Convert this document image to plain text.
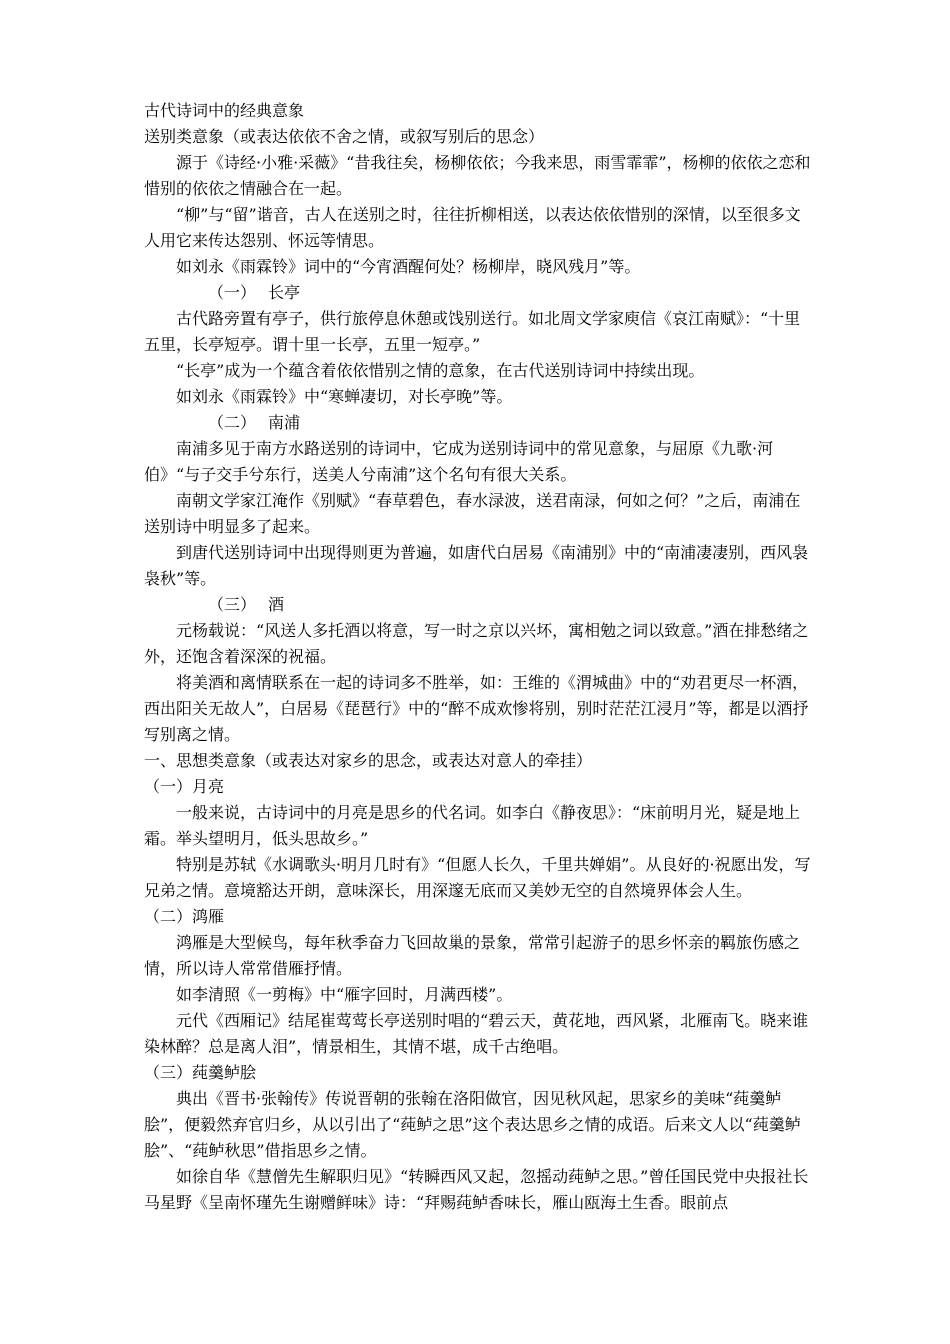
古代诗词中的经典意象

送别类意象（或表达依依不舍之情，或叙写别后的思念）

源于《诗经·小雅·采薇》“昔我往矣，杨柳依依；今我来思，雨雪霏霏”，杨柳的依依之恋和惜别的依依之情融合在一起。

“柳”与“留”谐音，古人在送别之时，往往折柳相送，以表达依依惜别的深情，以至很多文人用它来传达怨别、怀远等情思。

如刘永《雨霖铃》词中的“今宵酒醒何处？杨柳岸，晓风残月”等。

（一） 长亭

古代路旁置有亭子，供行旅停息休憩或饯别送行。如北周文学家庾信《哀江南赋》：“十里五里，长亭短亭。谓十里一长亭，五里一短亭。”

“长亭”成为一个蕴含着依依惜别之情的意象，在古代送别诗词中持续出现。

如刘永《雨霖铃》中“寒蝉凄切，对长亭晚”等。

（二） 南浦

南浦多见于南方水路送别的诗词中，它成为送别诗词中的常见意象，与屈原《九歌·河伯》“与子交手兮东行，送美人兮南浦”这个名句有很大关系。

南朝文学家江淹作《别赋》“春草碧色，春水渌波，送君南渌，何如之何？”之后，南浦在送别诗中明显多了起来。

到唐代送别诗词中出现得则更为普遍，如唐代白居易《南浦别》中的“南浦凄凄别，西风袅袅秋”等。

（三） 酒

元杨载说：“风送人多托酒以将意，写一时之京以兴坏，寓相勉之词以致意。”酒在排愁绪之外，还饱含着深深的祝福。

将美酒和离情联系在一起的诗词多不胜举，如：王维的《渭城曲》中的“劝君更尽一杯酒，西出阳关无故人”，白居易《琵琶行》中的“醉不成欢惨将别，别时茫茫江浸月”等，都是以酒抒写别离之情。

一、思想类意象（或表达对家乡的思念，或表达对意人的牵挂）

（一）月亮

一般来说，古诗词中的月亮是思乡的代名词。如李白《静夜思》：“床前明月光，疑是地上霜。举头望明月，低头思故乡。”

特别是苏轼《水调歌头·明月几时有》“但愿人长久，千里共婵娟”。从良好的·祝愿出发，写兄弟之情。意境豁达开朗，意味深长，用深邃无底而又美妙无空的自然境界体会人生。

（二）鸿雁

鸿雁是大型候鸟，每年秋季奋力飞回故巢的景象，常常引起游子的思乡怀亲的羁旅伤感之情，所以诗人常常借雁抒情。

如李清照《一剪梅》中“雁字回时，月满西楼”。

元代《西厢记》结尾崔莺莺长亭送别时唱的“碧云天，黄花地，西风紧，北雁南飞。晓来谁染林醉？总是离人泪”，情景相生，其情不堪，成千古绝唱。

（三）莼羹鲈脍

典出《晋书·张翰传》传说晋朝的张翰在洛阳做官，因见秋风起，思家乡的美味“莼羹鲈脍”，便毅然弃官归乡，从以引出了“莼鲈之思”这个表达思乡之情的成语。后来文人以“莼羹鲈脍”、“莼鲈秋思”借指思乡之情。

如徐自华《慧僧先生解职归见》“转瞬西风又起，忽摇动莼鲈之思。”曾任国民党中央报社长马星野《呈南怀瑾先生谢赠鲜味》诗：“拜赐莼鲈香味长，雁山瓯海土生香。眼前点
